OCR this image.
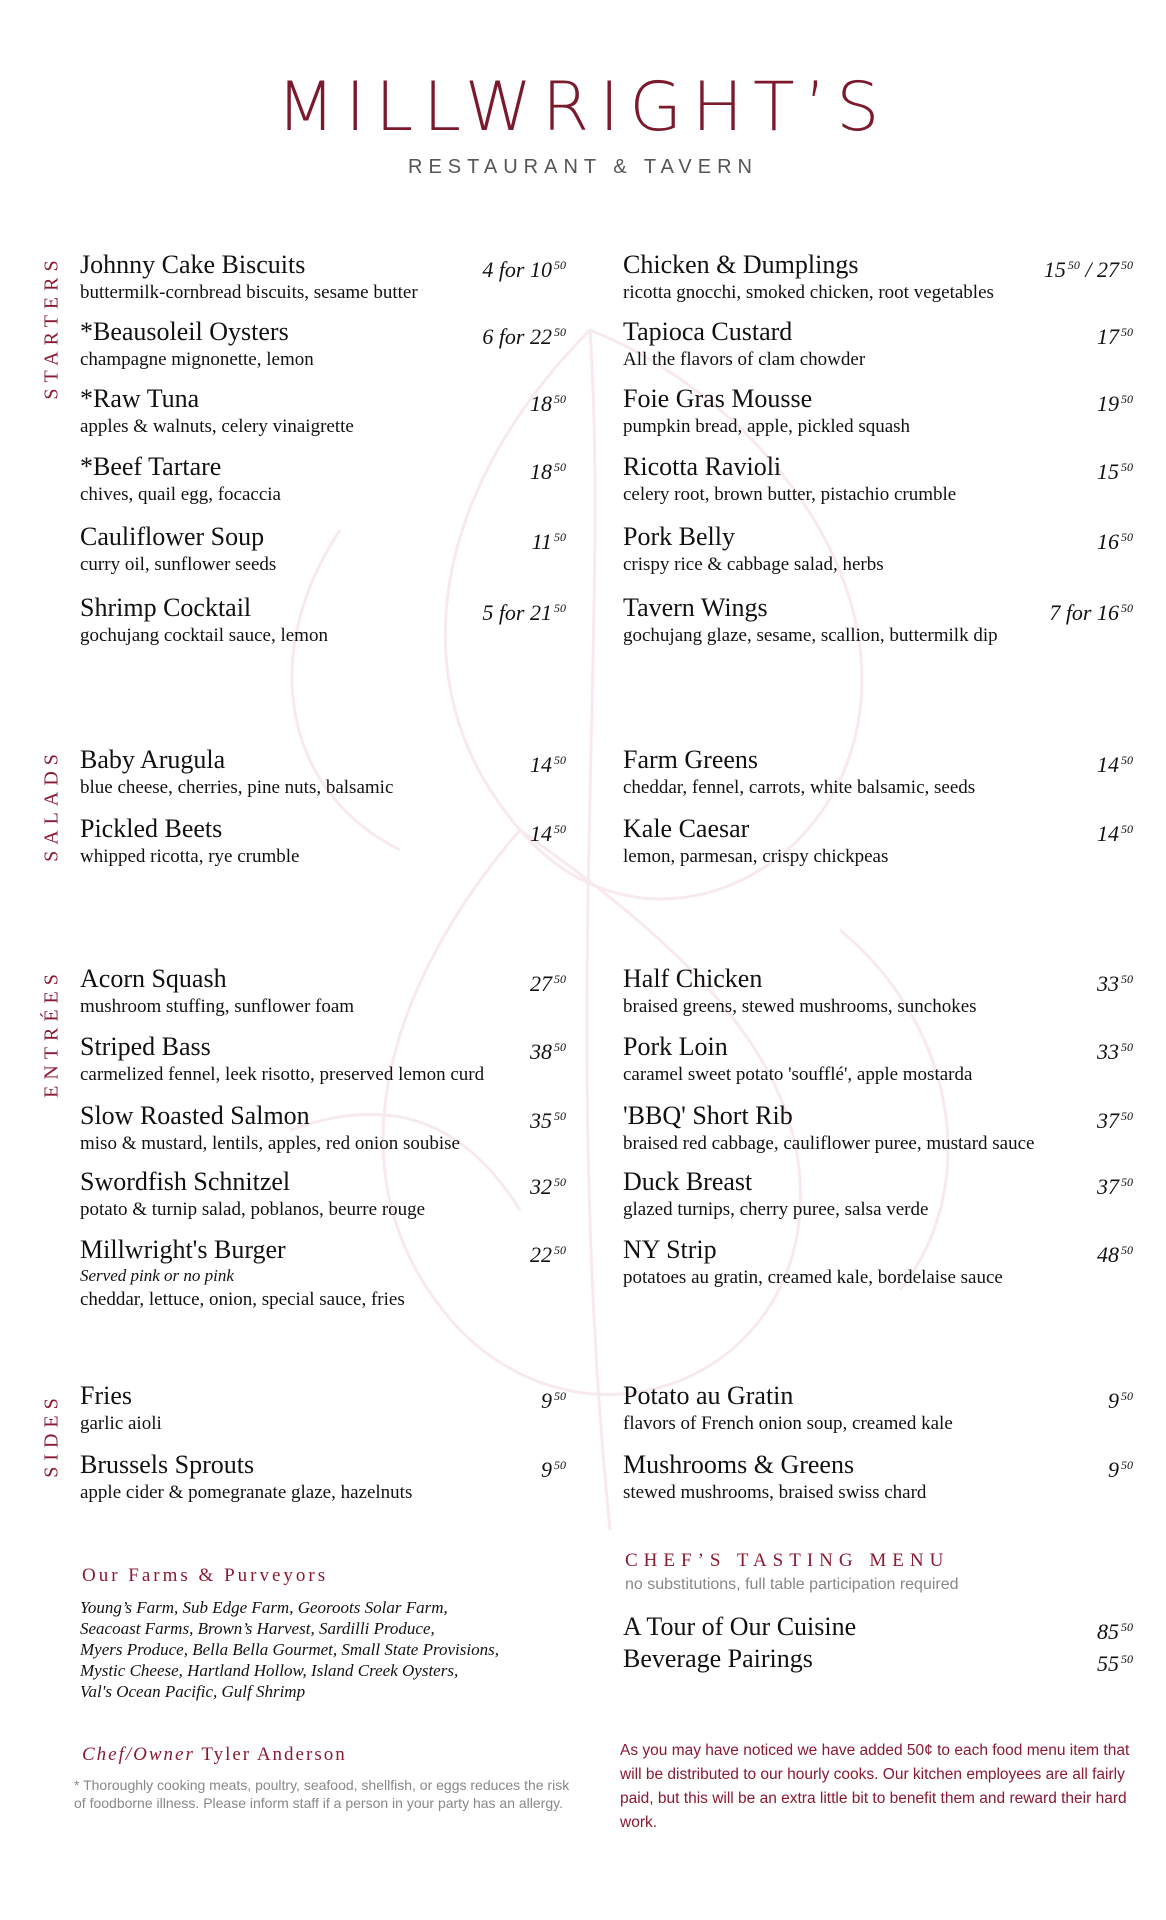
MILLWRIGHT’S
RESTAURANT & TAVERN
STARTERS
SALADS
ENTRÉES
SIDES
Johnny Cake Biscuits
buttermilk-cornbread biscuits, sesame butter
4 for 10 $^{50}$
*Beausoleil Oysters
champagne mignonette, lemon
6 for 22 $^{50}$
*Raw Tuna
apples & walnuts, celery vinaigrette
18 $^{50}$
*Beef Tartare
chives, quail egg, focaccia
18 $^{50}$
Cauliflower Soup
curry oil, sunflower seeds
11 $^{50}$
Shrimp Cocktail
gochujang cocktail sauce, lemon
5 for 21 $^{50}$
Chicken & Dumplings
ricotta gnocchi, smoked chicken, root vegetables
15 $^{50}$ / 27 $^{50}$
Tapioca Custard
All the flavors of clam chowder
17 $^{50}$
Foie Gras Mousse
pumpkin bread, apple, pickled squash
19 $^{50}$
Ricotta Ravioli
celery root, brown butter, pistachio crumble
15 $^{50}$
Pork Belly
crispy rice & cabbage salad, herbs
16 $^{50}$
Tavern Wings
gochujang glaze, sesame, scallion, buttermilk dip
7 for 16 $^{50}$
Baby Arugula
blue cheese, cherries, pine nuts, balsamic
14 $^{50}$
Pickled Beets
whipped ricotta, rye crumble
14 $^{50}$
Farm Greens
cheddar, fennel, carrots, white balsamic, seeds
14 $^{50}$
Kale Caesar
lemon, parmesan, crispy chickpeas
14 $^{50}$
Acorn Squash
mushroom stuffing, sunflower foam
27 $^{50}$
Striped Bass
carmelized fennel, leek risotto, preserved lemon curd
38 $^{50}$
Slow Roasted Salmon
miso & mustard, lentils, apples, red onion soubise
35 $^{50}$
Swordfish Schnitzel
potato & turnip salad, poblanos, beurre rouge
32 $^{50}$
Millwright's Burger
Served pink or no pink
cheddar, lettuce, onion, special sauce, fries
22 $^{50}$
Half Chicken
braised greens, stewed mushrooms, sunchokes
33 $^{50}$
Pork Loin
caramel sweet potato 'soufflé', apple mostarda
33 $^{50}$
'BBQ' Short Rib
braised red cabbage, cauliflower puree, mustard sauce
37 $^{50}$
Duck Breast
glazed turnips, cherry puree, salsa verde
37 $^{50}$
NY Strip
potatoes au gratin, creamed kale, bordelaise sauce
48 $^{50}$
Fries
garlic aioli
9 $^{50}$
Brussels Sprouts
apple cider & pomegranate glaze, hazelnuts
9 $^{50}$
Potato au Gratin
flavors of French onion soup, creamed kale
9 $^{50}$
Mushrooms & Greens
stewed mushrooms, braised swiss chard
9 $^{50}$
Our Farms & Purveyors
Young’s Farm, Sub Edge Farm, Georoots Solar Farm,
Seacoast Farms, Brown’s Harvest, Sardilli Produce,
Myers Produce, Bella Bella Gourmet, Small State Provisions,
Mystic Cheese, Hartland Hollow, Island Creek Oysters,
Val's Ocean Pacific, Gulf Shrimp
Chef/Owner Tyler Anderson
* Thoroughly cooking meats, poultry, seafood, shellfish, or eggs reduces the risk of foodborne illness. Please inform staff if a person in your party has an allergy.
CHEF’S TASTING MENU
no substitutions, full table participation required
A Tour of Our Cuisine	85 $^{50}$
Beverage Pairings	55 $^{50}$
As you may have noticed we have added 50¢ to each food menu item that will be distributed to our hourly cooks. Our kitchen employees are all fairly paid, but this will be an extra little bit to benefit them and reward their hard work.
